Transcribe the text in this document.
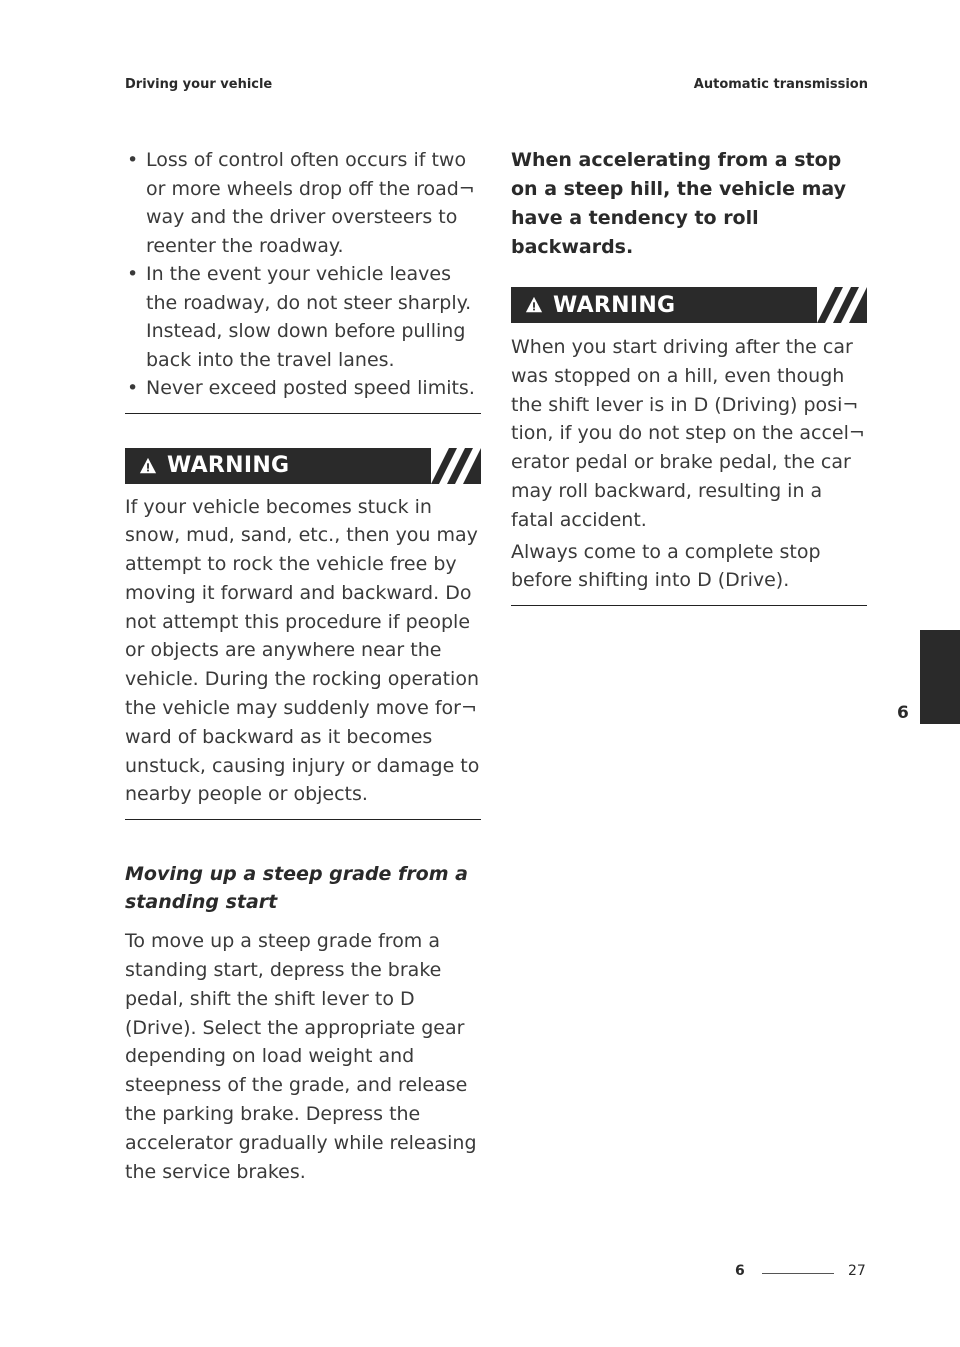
Driving your vehicle	Automatic transmission
• Loss of control often occurs if two or more wheels drop off the road¬ way and the driver oversteers to reenter the roadway.
• In the event your vehicle leaves the roadway, do not steer sharply. Instead, slow down before pulling back into the travel lanes.
• Never exceed posted speed limits.
WARNING

If your vehicle becomes stuck in snow, mud, sand, etc., then you may attempt to rock the vehicle free by moving it forward and backward. Do not attempt this procedure if people or objects are anywhere near the vehicle. During the rocking operation the vehicle may suddenly move for¬ ward of backward as it becomes unstuck, causing injury or damage to nearby people or objects.

Moving up a steep grade from a standing start

To move up a steep grade from a standing start, depress the brake pedal, shift the shift lever to D (Drive). Select the appropriate gear depending on load weight and steepness of the grade, and release the parking brake. Depress the accelerator gradually while releasing the service brakes.

When accelerating from a stop on a steep hill, the vehicle may have a tendency to roll backwards.

WARNING

When you start driving after the car was stopped on a hill, even though the shift lever is in D (Driving) posi¬ tion, if you do not step on the accel¬ erator pedal or brake pedal, the car may roll backward, resulting in a fatal accident.

Always come to a complete stop before shifting into D (Drive).

6
6	27
